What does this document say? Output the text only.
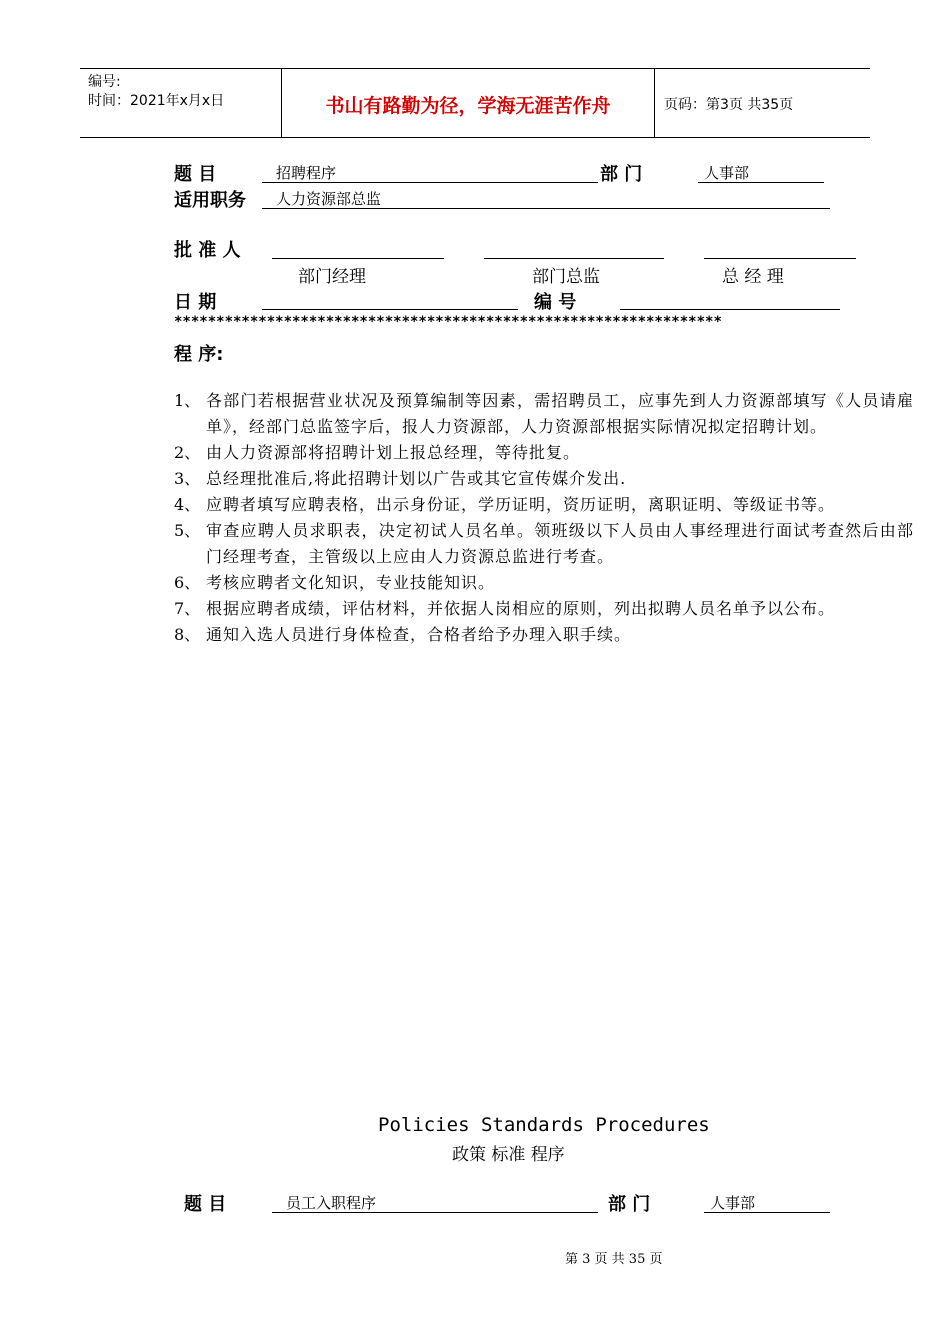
编号:
时间：2021年x月x日	书山有路勤为径，学海无涯苦作舟	页码：第3页 共35页
题 目	招聘程序	部 门	人事部
适用职务 人力资源部总监
批 准 人
部门经理	部门总监	总 经 理
日 期	编 号
*****************************************************************
程 序:
1、 各部门若根据营业状况及预算编制等因素，需招聘员工，应事先到人力资源部填写《人员请雇单》，经部门总监签字后，报人力资源部，人力资源部根据实际情况拟定招聘计划。
2、 由人力资源部将招聘计划上报总经理，等待批复。
3、 总经理批准后,将此招聘计划以广告或其它宣传媒介发出.
4、 应聘者填写应聘表格，出示身份证，学历证明，资历证明，离职证明、等级证书等。
5、 审查应聘人员求职表，决定初试人员名单。领班级以下人员由人事经理进行面试考查然后由部门经理考查，主管级以上应由人力资源总监进行考查。
6、 考核应聘者文化知识，专业技能知识。
7、 根据应聘者成绩，评估材料，并依据人岗相应的原则，列出拟聘人员名单予以公布。
8、 通知入选人员进行身体检查，合格者给予办理入职手续。
Policies Standards Procedures
政策 标准 程序
题 目	员工入职程序	部 门	人事部
第 3 页 共 35 页
